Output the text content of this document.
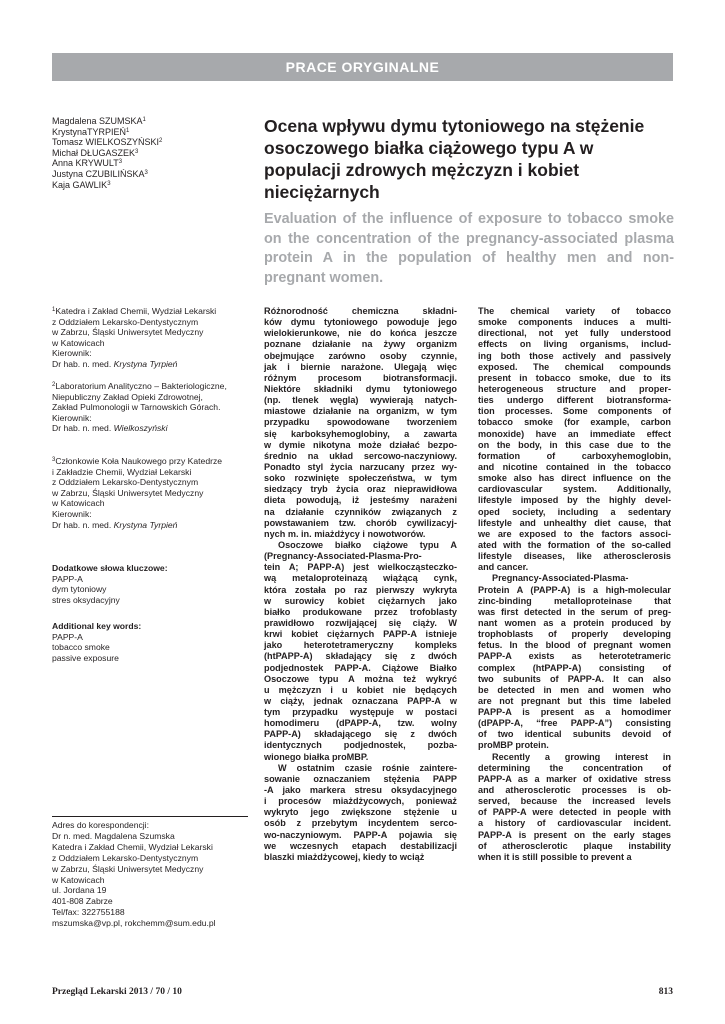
PRACE ORYGINALNE
Magdalena SZUMSKA$^1$
KrystynaTYRPIEŃ$^1$
Tomasz WIELKOSZYŃSKI$^2$
Michał DŁUGASZEK$^3$
Anna KRYWULT$^3$
Justyna CZUBILIŃSKA$^3$
Kaja GAWLIK$^3$
Ocena wpływu dymu tytoniowego na stężenie osoczowego białka ciążowego typu A w populacji zdrowych mężczyzn i kobiet nieciężarnych
Evaluation of the influence of exposure to tobacco smoke on the concentration of the pregnancy-associated plasma protein A in the population of healthy men and non-pregnant women.
$^1$Katedra i Zakład Chemii, Wydział Lekarski
z Oddziałem Lekarsko-Dentystycznym
w Zabrzu, Śląski Uniwersytet Medyczny
w Katowicach
Kierownik:
Dr hab. n. med. Krystyna Tyrpień
$^2$Laboratorium Analityczno – Bakteriologiczne,
Niepubliczny Zakład Opieki Zdrowotnej,
Zakład Pulmonologii w Tarnowskich Górach.
Kierownik:
Dr hab. n. med. Wielkoszyński
$^3$Członkowie Koła Naukowego przy Katedrze
i Zakładzie Chemii, Wydział Lekarski
z Oddziałem Lekarsko-Dentystycznym
w Zabrzu, Śląski Uniwersytet Medyczny
w Katowicach
Kierownik:
Dr hab. n. med. Krystyna Tyrpień
Dodatkowe słowa kluczowe:
PAPP-A
dym tytoniowy
stres oksydacyjny
Additional key words:
PAPP-A
tobacco smoke
passive exposure
Adres do korespondencji:
Dr n. med. Magdalena Szumska
Katedra i Zakład Chemii, Wydział Lekarski
z Oddziałem Lekarsko-Dentystycznym
w Zabrzu, Śląski Uniwersytet Medyczny
w Katowicach
ul. Jordana 19
401-808 Zabrze
Tel/fax: 322755188
mszumska@vp.pl, rokchemm@sum.edu.pl
Różnorodność chemiczna składni-
ków dymu tytoniowego powoduje jego
wielokierunkowe, nie do końca jeszcze
poznane działanie na żywy organizm
obejmujące zarówno osoby czynnie,
jak i biernie narażone. Ulegają więc
różnym procesom biotransformacji.
Niektóre składniki dymu tytoniowego
(np. tlenek węgla) wywierają natych-
miastowe działanie na organizm, w tym
przypadku spowodowane tworzeniem
się karboksyhemoglobiny, a zawarta
w dymie nikotyna może działać bezpo-
średnio na układ sercowo-naczyniowy.
Ponadto styl życia narzucany przez wy-
soko rozwinięte społeczeństwa, w tym
siedzący tryb życia oraz nieprawidłowa
dieta powodują, iż jesteśmy narażeni
na działanie czynników związanych z
powstawaniem tzw. chorób cywilizacyj-
nych m. in. miażdżycy i nowotworów.
Osoczowe białko ciążowe typu A
(Pregnancy-Associated-Plasma-Pro-
tein A; PAPP-A) jest wielkocząsteczko-
wą metaloproteinazą wiążącą cynk,
która została po raz pierwszy wykryta
w surowicy kobiet ciężarnych jako
białko produkowane przez trofoblasty
prawidłowo rozwijającej się ciąży. W
krwi kobiet ciężarnych PAPP-A istnieje
jako heterotetrameryczny kompleks
(htPAPP-A) składający się z dwóch
podjednostek PAPP-A. Ciążowe Białko
Osoczowe typu A można też wykryć
u mężczyzn i u kobiet nie będących
w ciąży, jednak oznaczana PAPP-A w
tym przypadku występuje w postaci
homodimeru (dPAPP-A, tzw. wolny
PAPP-A) składającego się z dwóch
identycznych podjednostek, pozba-
wionego białka proMBP.
W ostatnim czasie rośnie zaintere-
sowanie oznaczaniem stężenia PAPP
-A jako markera stresu oksydacyjnego
i procesów miażdżycowych, ponieważ
wykryto jego zwiększone stężenie u
osób z przebytym incydentem serco-
wo-naczyniowym. PAPP-A pojawia się
we wczesnych etapach destabilizacji
blaszki miażdżycowej, kiedy to wciąż
The chemical variety of tobacco
smoke components induces a multi-
directional, not yet fully understood
effects on living organisms, includ-
ing both those actively and passively
exposed. The chemical compounds
present in tobacco smoke, due to its
heterogeneous structure and proper-
ties undergo different biotransforma-
tion processes. Some components of
tobacco smoke (for example, carbon
monoxide) have an immediate effect
on the body, in this case due to the
formation of carboxyhemoglobin,
and nicotine contained in the tobacco
smoke also has direct influence on the
cardiovascular system. Additionally,
lifestyle imposed by the highly devel-
oped society, including a sedentary
lifestyle and unhealthy diet cause, that
we are exposed to the factors associ-
ated with the formation of the so-called
lifestyle diseases, like atherosclerosis
and cancer.
Pregnancy-Associated-Plasma-
Protein A (PAPP-A) is a high-molecular
zinc-binding metalloproteinase that
was first detected in the serum of preg-
nant women as a protein produced by
trophoblasts of properly developing
fetus. In the blood of pregnant women
PAPP-A exists as heterotetrameric
complex (htPAPP-A) consisting of
two subunits of PAPP-A. It can also
be detected in men and women who
are not pregnant but this time labeled
PAPP-A is present as a homodimer
(dPAPP-A, “free PAPP-A”) consisting
of two identical subunits devoid of
proMBP protein.
Recently a growing interest in
determining the concentration of
PAPP-A as a marker of oxidative stress
and atherosclerotic processes is ob-
served, because the increased levels
of PAPP-A were detected in people with
a history of cardiovascular incident.
PAPP-A is present on the early stages
of atherosclerotic plaque instability
when it is still possible to prevent a
Przegląd Lekarski 2013 / 70 / 10	813
